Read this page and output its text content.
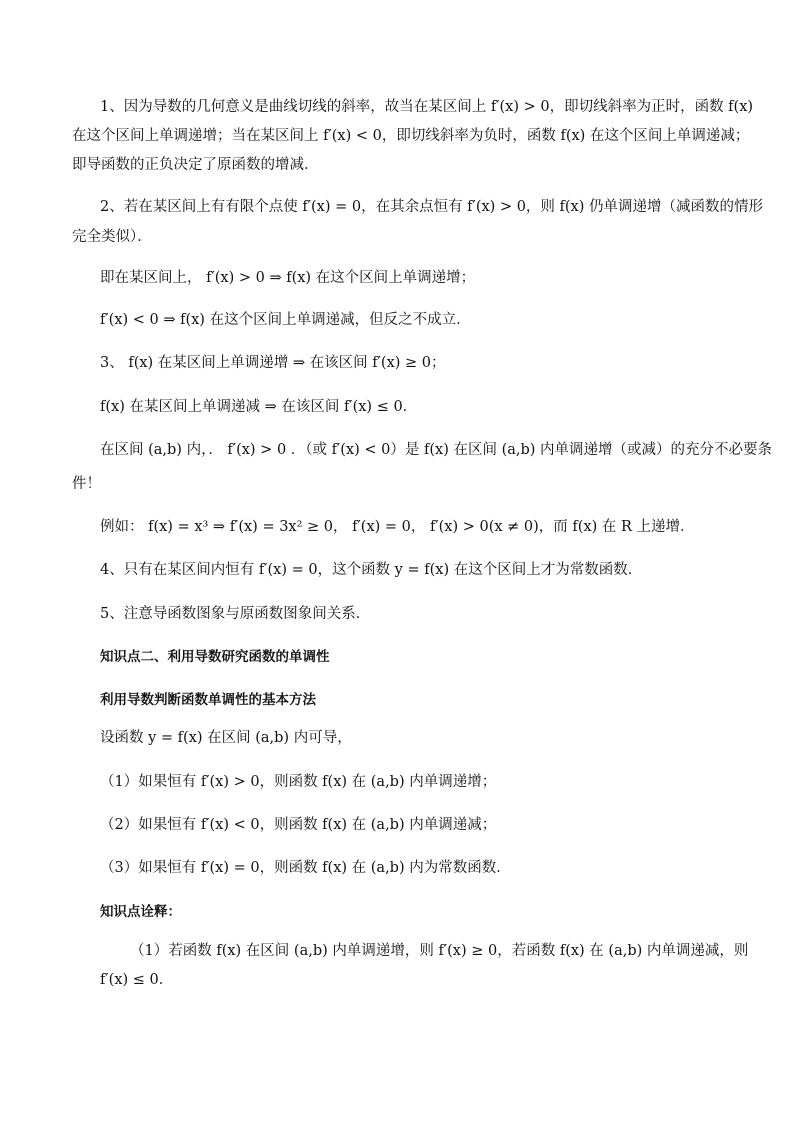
1、因为导数的几何意义是曲线切线的斜率，故当在某区间上 f′(x) > 0，即切线斜率为正时，函数 f(x)
在这个区间上单调递增；当在某区间上 f′(x) < 0，即切线斜率为负时，函数 f(x) 在这个区间上单调递减；
即导函数的正负决定了原函数的增减．
2、若在某区间上有有限个点使 f′(x) = 0，在其余点恒有 f′(x) > 0，则 f(x) 仍单调递增（减函数的情形
完全类似）．
即在某区间上， f′(x) > 0 ⇒ f(x) 在这个区间上单调递增；
f′(x) < 0 ⇒ f(x) 在这个区间上单调递减，但反之不成立．
3、 f(x) 在某区间上单调递增 ⇒ 在该区间 f′(x) ≥ 0；
f(x) 在某区间上单调递减 ⇒ 在该区间 f′(x) ≤ 0．
在区间 (a,b) 内，． f′(x) > 0 ．（或 f′(x) < 0）是 f(x) 在区间 (a,b) 内单调递增（或减）的充分不必要条
件！
例如： f(x) = x³ ⇒ f′(x) = 3x² ≥ 0， f′(x) = 0， f′(x) > 0(x ≠ 0)，而 f(x) 在 R 上递增．
4、只有在某区间内恒有 f′(x) = 0，这个函数 y = f(x) 在这个区间上才为常数函数．
5、注意导函数图象与原函数图象间关系．
知识点二、利用导数研究函数的单调性
利用导数判断函数单调性的基本方法
设函数 y = f(x) 在区间 (a,b) 内可导，
（1）如果恒有 f′(x) > 0，则函数 f(x) 在 (a,b) 内单调递增；
（2）如果恒有 f′(x) < 0，则函数 f(x) 在 (a,b) 内单调递减；
（3）如果恒有 f′(x) = 0，则函数 f(x) 在 (a,b) 内为常数函数．
知识点诠释：
（1）若函数 f(x) 在区间 (a,b) 内单调递增，则 f′(x) ≥ 0，若函数 f(x) 在 (a,b) 内单调递减，则
f′(x) ≤ 0．
